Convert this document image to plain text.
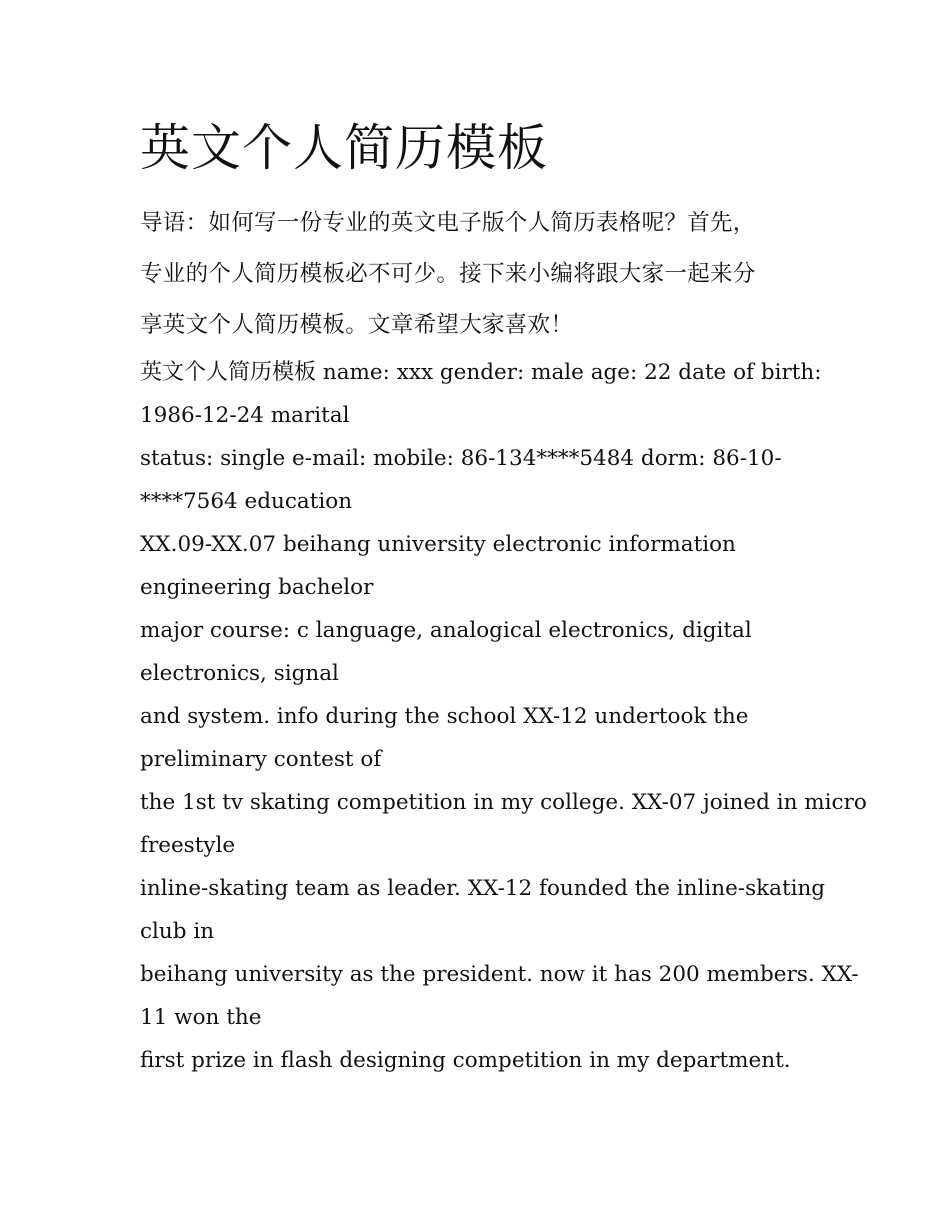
英文个人简历模板
导语：如何写一份专业的英文电子版个人简历表格呢？首先，
专业的个人简历模板必不可少。接下来小编将跟大家一起来分
享英文个人简历模板。文章希望大家喜欢！
英文个人简历模板 name: xxx gender: male age: 22 date of birth:
1986-12-24 marital
status: single e-mail: mobile: 86-134****5484 dorm: 86-10-
****7564 education
XX.09-XX.07 beihang university electronic information
engineering bachelor
major course: c language, analogical electronics, digital
electronics, signal
and system. info during the school XX-12 undertook the
preliminary contest of
the 1st tv skating competition in my college. XX-07 joined in micro
freestyle
inline-skating team as leader. XX-12 founded the inline-skating
club in
beihang university as the president. now it has 200 members. XX-
11 won the
first prize in flash designing competition in my department.
